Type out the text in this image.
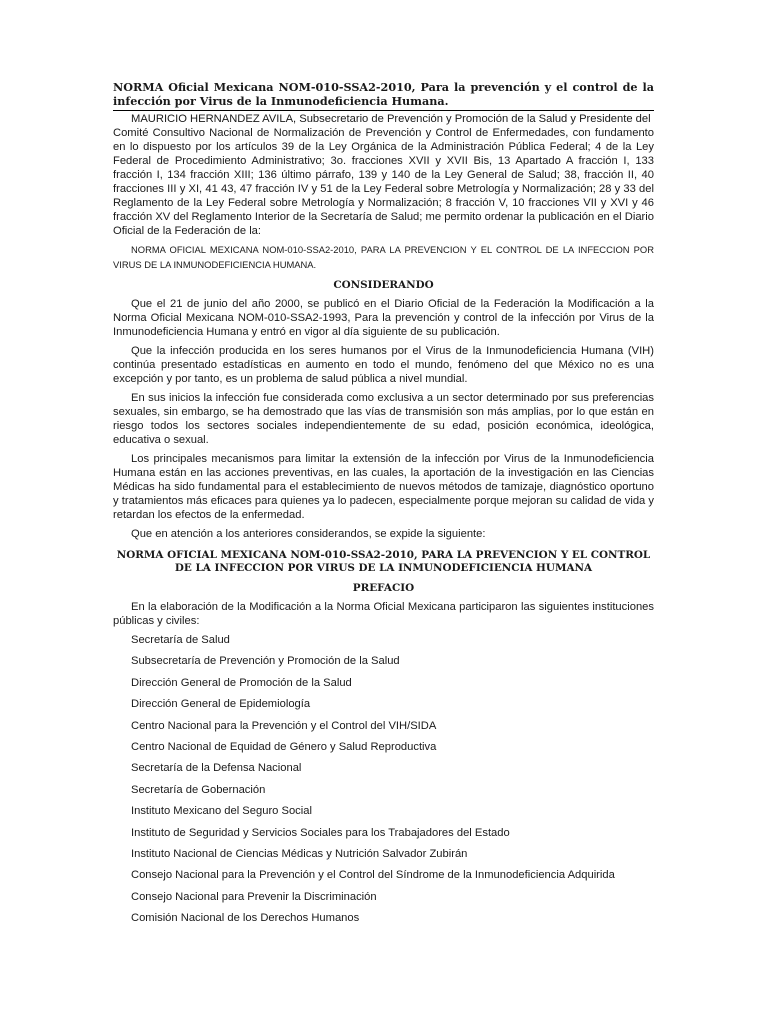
NORMA Oficial Mexicana NOM-010-SSA2-2010, Para la prevención y el control de la infección por Virus de la Inmunodeficiencia Humana.
MAURICIO HERNANDEZ AVILA, Subsecretario de Prevención y Promoción de la Salud y Presidente del
Comité Consultivo Nacional de Normalización de Prevención y Control de Enfermedades, con fundamento en lo dispuesto por los artículos 39 de la Ley Orgánica de la Administración Pública Federal; 4 de la Ley Federal de Procedimiento Administrativo; 3o. fracciones XVII y XVII Bis, 13 Apartado A fracción I, 133 fracción I, 134 fracción XIII; 136 último párrafo, 139 y 140 de la Ley General de Salud; 38, fracción II, 40 fracciones III y XI, 41 43, 47 fracción IV y 51 de la Ley Federal sobre Metrología y Normalización; 28 y 33 del Reglamento de la Ley Federal sobre Metrología y Normalización; 8 fracción V, 10 fracciones VII y XVI y 46 fracción XV del Reglamento Interior de la Secretaría de Salud; me permito ordenar la publicación en el Diario Oficial de la Federación de la:
NORMA OFICIAL MEXICANA NOM-010-SSA2-2010, PARA LA PREVENCION Y EL CONTROL DE LA INFECCION POR VIRUS DE LA INMUNODEFICIENCIA HUMANA.
CONSIDERANDO

Que el 21 de junio del año 2000, se publicó en el Diario Oficial de la Federación la Modificación a la Norma Oficial Mexicana NOM-010-SSA2-1993, Para la prevención y control de la infección por Virus de la Inmunodeficiencia Humana y entró en vigor al día siguiente de su publicación.

Que la infección producida en los seres humanos por el Virus de la Inmunodeficiencia Humana (VIH) continúa presentado estadísticas en aumento en todo el mundo, fenómeno del que México no es una excepción y por tanto, es un problema de salud pública a nivel mundial.

En sus inicios la infección fue considerada como exclusiva a un sector determinado por sus preferencias sexuales, sin embargo, se ha demostrado que las vías de transmisión son más amplias, por lo que están en riesgo todos los sectores sociales independientemente de su edad, posición económica, ideológica, educativa o sexual.

Los principales mecanismos para limitar la extensión de la infección por Virus de la Inmunodeficiencia Humana están en las acciones preventivas, en las cuales, la aportación de la investigación en las Ciencias Médicas ha sido fundamental para el establecimiento de nuevos métodos de tamizaje, diagnóstico oportuno y tratamientos más eficaces para quienes ya lo padecen, especialmente porque mejoran su calidad de vida y retardan los efectos de la enfermedad.

Que en atención a los anteriores considerandos, se expide la siguiente:

NORMA OFICIAL MEXICANA NOM-010-SSA2-2010, PARA LA PREVENCION Y EL CONTROL DE LA INFECCION POR VIRUS DE LA INMUNODEFICIENCIA HUMANA
PREFACIO

En la elaboración de la Modificación a la Norma Oficial Mexicana participaron las siguientes instituciones públicas y civiles:

Secretaría de Salud
Subsecretaría de Prevención y Promoción de la Salud
Dirección General de Promoción de la Salud
Dirección General de Epidemiología
Centro Nacional para la Prevención y el Control del VIH/SIDA
Centro Nacional de Equidad de Género y Salud Reproductiva
Secretaría de la Defensa Nacional
Secretaría de Gobernación
Instituto Mexicano del Seguro Social
Instituto de Seguridad y Servicios Sociales para los Trabajadores del Estado
Instituto Nacional de Ciencias Médicas y Nutrición Salvador Zubirán
Consejo Nacional para la Prevención y el Control del Síndrome de la Inmunodeficiencia Adquirida
Consejo Nacional para Prevenir la Discriminación
Comisión Nacional de los Derechos Humanos
